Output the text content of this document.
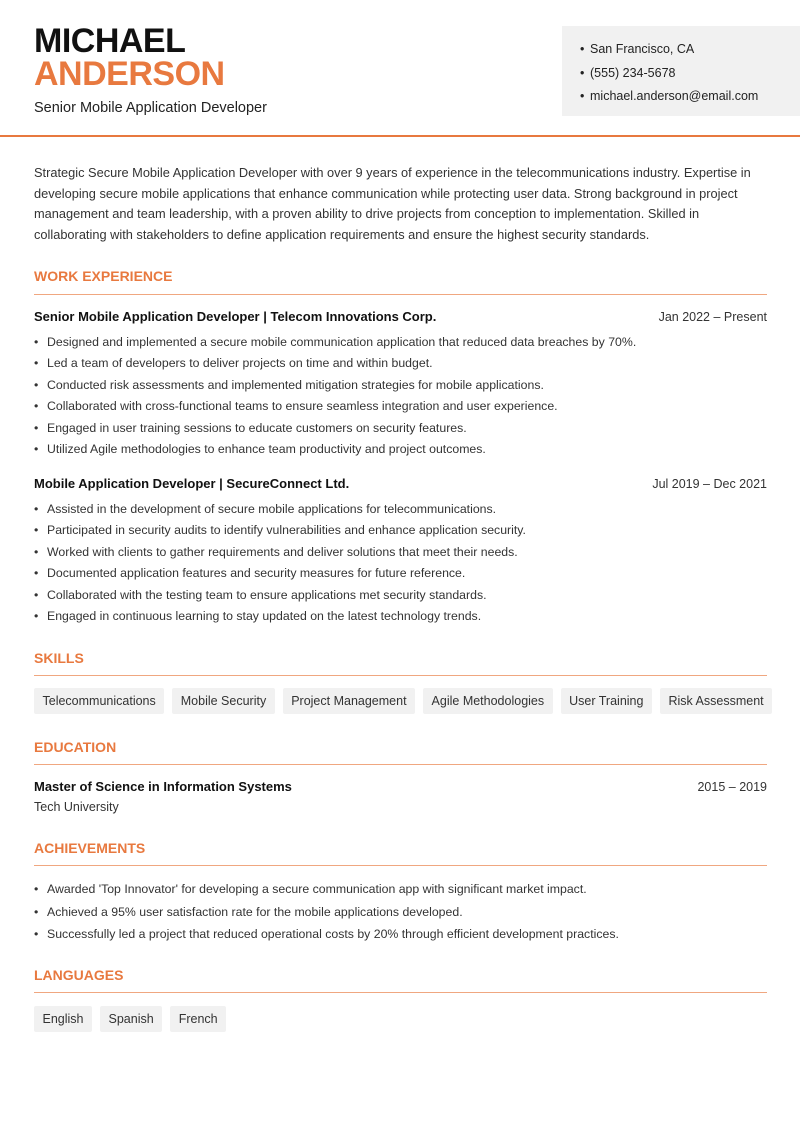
MICHAEL
ANDERSON
Senior Mobile Application Developer
• San Francisco, CA
• (555) 234-5678
• michael.anderson@email.com
Strategic Secure Mobile Application Developer with over 9 years of experience in the telecommunications industry. Expertise in developing secure mobile applications that enhance communication while protecting user data. Strong background in project management and team leadership, with a proven ability to drive projects from conception to implementation. Skilled in collaborating with stakeholders to define application requirements and ensure the highest security standards.
WORK EXPERIENCE
Senior Mobile Application Developer | Telecom Innovations Corp.	Jan 2022 – Present
• Designed and implemented a secure mobile communication application that reduced data breaches by 70%.
• Led a team of developers to deliver projects on time and within budget.
• Conducted risk assessments and implemented mitigation strategies for mobile applications.
• Collaborated with cross-functional teams to ensure seamless integration and user experience.
• Engaged in user training sessions to educate customers on security features.
• Utilized Agile methodologies to enhance team productivity and project outcomes.
Mobile Application Developer | SecureConnect Ltd.	Jul 2019 – Dec 2021
• Assisted in the development of secure mobile applications for telecommunications.
• Participated in security audits to identify vulnerabilities and enhance application security.
• Worked with clients to gather requirements and deliver solutions that meet their needs.
• Documented application features and security measures for future reference.
• Collaborated with the testing team to ensure applications met security standards.
• Engaged in continuous learning to stay updated on the latest technology trends.
SKILLS
Telecommunications	Mobile Security	Project Management	Agile Methodologies	User Training	Risk Assessment
EDUCATION
Master of Science in Information Systems	2015 – 2019
Tech University
ACHIEVEMENTS
• Awarded 'Top Innovator' for developing a secure communication app with significant market impact.
• Achieved a 95% user satisfaction rate for the mobile applications developed.
• Successfully led a project that reduced operational costs by 20% through efficient development practices.
LANGUAGES
English	Spanish	French
